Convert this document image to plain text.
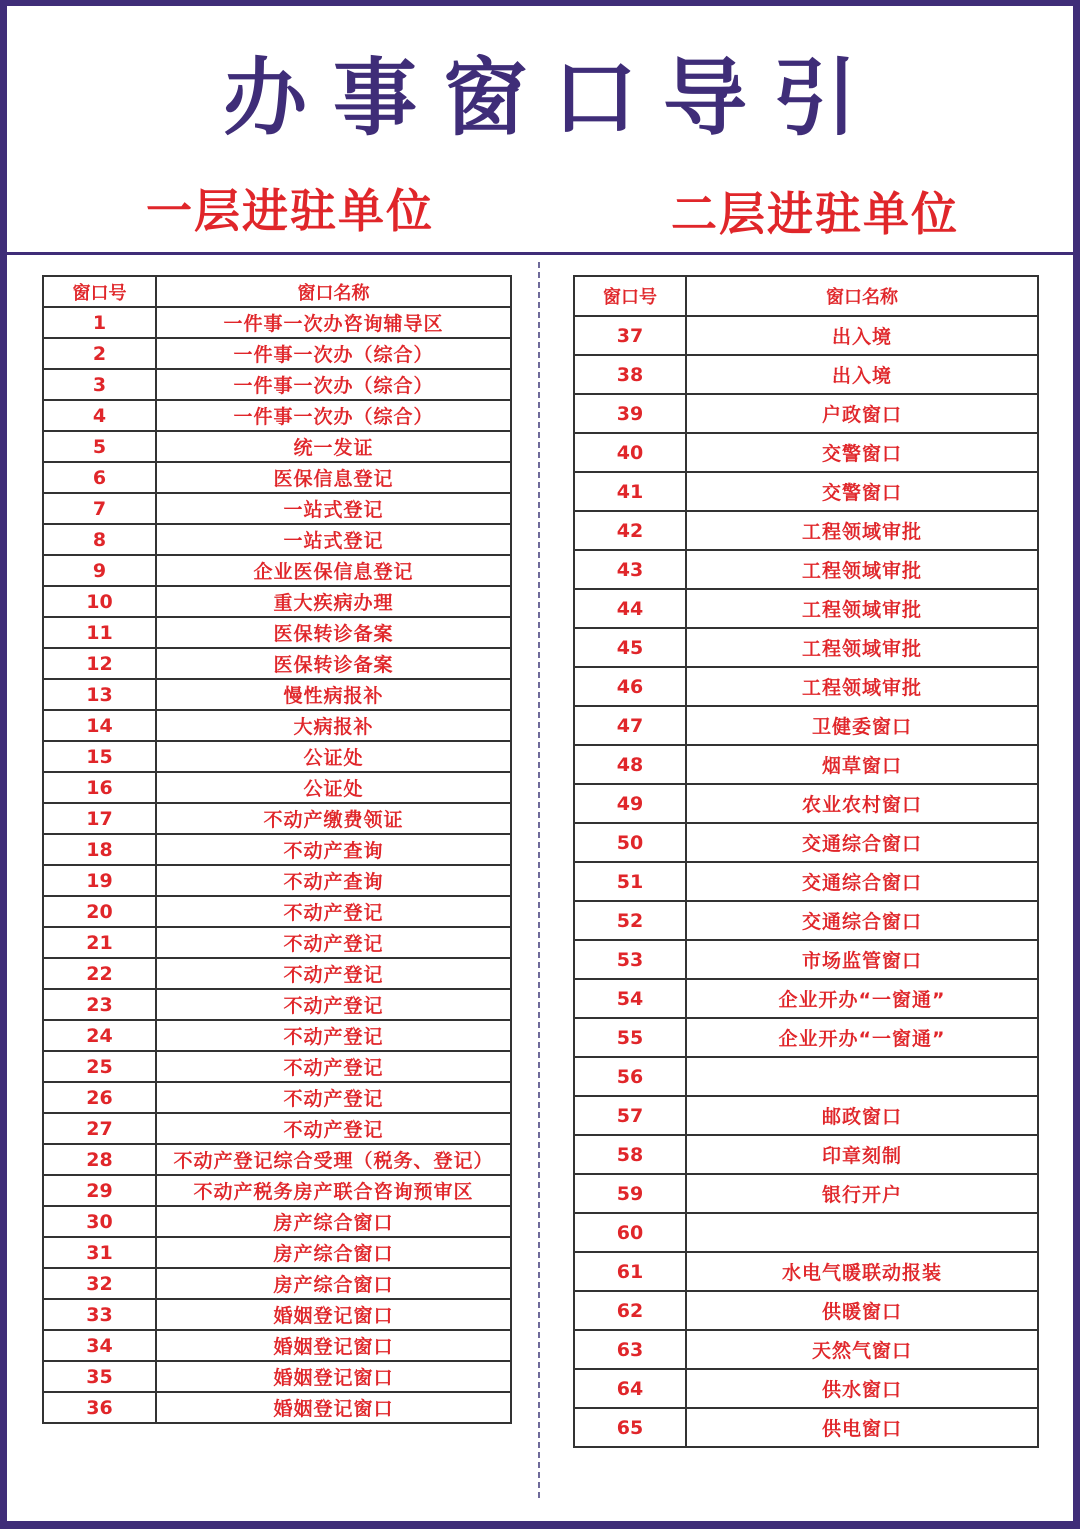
办事窗口导引
一层进驻单位	二层进驻单位
窗口号	窗口名称
1	一件事一次办咨询辅导区
2	一件事一次办（综合）
3	一件事一次办（综合）
4	一件事一次办（综合）
5	统一发证
6	医保信息登记
7	一站式登记
8	一站式登记
9	企业医保信息登记
10	重大疾病办理
11	医保转诊备案
12	医保转诊备案
13	慢性病报补
14	大病报补
15	公证处
16	公证处
17	不动产缴费领证
18	不动产查询
19	不动产查询
20	不动产登记
21	不动产登记
22	不动产登记
23	不动产登记
24	不动产登记
25	不动产登记
26	不动产登记
27	不动产登记
28	不动产登记综合受理（税务、登记）
29	不动产税务房产联合咨询预审区
30	房产综合窗口
31	房产综合窗口
32	房产综合窗口
33	婚姻登记窗口
34	婚姻登记窗口
35	婚姻登记窗口
36	婚姻登记窗口
窗口号	窗口名称
37	出入境
38	出入境
39	户政窗口
40	交警窗口
41	交警窗口
42	工程领域审批
43	工程领域审批
44	工程领域审批
45	工程领域审批
46	工程领域审批
47	卫健委窗口
48	烟草窗口
49	农业农村窗口
50	交通综合窗口
51	交通综合窗口
52	交通综合窗口
53	市场监管窗口
54	企业开办“一窗通”
55	企业开办“一窗通”
56	
57	邮政窗口
58	印章刻制
59	银行开户
60	
61	水电气暖联动报装
62	供暖窗口
63	天然气窗口
64	供水窗口
65	供电窗口
